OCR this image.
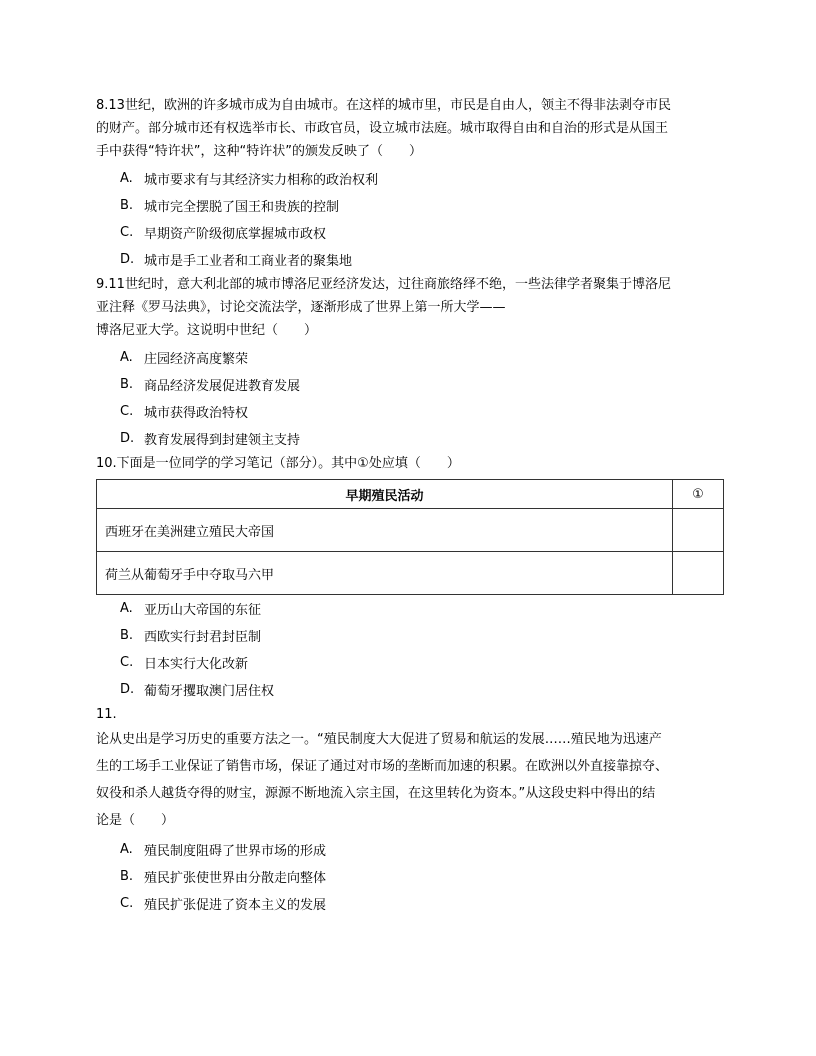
8.13世纪，欧洲的许多城市成为自由城市。在这样的城市里，市民是自由人，领主不得非法剥夺市民

的财产。部分城市还有权选举市长、市政官员，设立城市法庭。城市取得自由和自治的形式是从国王

手中获得“特许状”，这种“特许状”的颁发反映了（　　）

A. 城市要求有与其经济实力相称的政治权利
B. 城市完全摆脱了国王和贵族的控制
C. 早期资产阶级彻底掌握城市政权
D. 城市是手工业者和工商业者的聚集地

9.11世纪时，意大利北部的城市博洛尼亚经济发达，过往商旅络绎不绝，一些法律学者聚集于博洛尼

亚注释《罗马法典》，讨论交流法学，逐渐形成了世界上第一所大学——

博洛尼亚大学。这说明中世纪（　　）

A. 庄园经济高度繁荣
B. 商品经济发展促进教育发展
C. 城市获得政治特权
D. 教育发展得到封建领主支持

10.下面是一位同学的学习笔记（部分）。其中①处应填（　　）

早期殖民活动	①
西班牙在美洲建立殖民大帝国	
荷兰从葡萄牙手中夺取马六甲	
A. 亚历山大帝国的东征
B. 西欧实行封君封臣制
C. 日本实行大化改新
D. 葡萄牙攫取澳门居住权

11.

论从史出是学习历史的重要方法之一。“殖民制度大大促进了贸易和航运的发展……殖民地为迅速产

生的工场手工业保证了销售市场，保证了通过对市场的垄断而加速的积累。在欧洲以外直接靠掠夺、

奴役和杀人越货夺得的财宝，源源不断地流入宗主国，在这里转化为资本。”从这段史料中得出的结

论是（　　）

A. 殖民制度阻碍了世界市场的形成
B. 殖民扩张使世界由分散走向整体
C. 殖民扩张促进了资本主义的发展
